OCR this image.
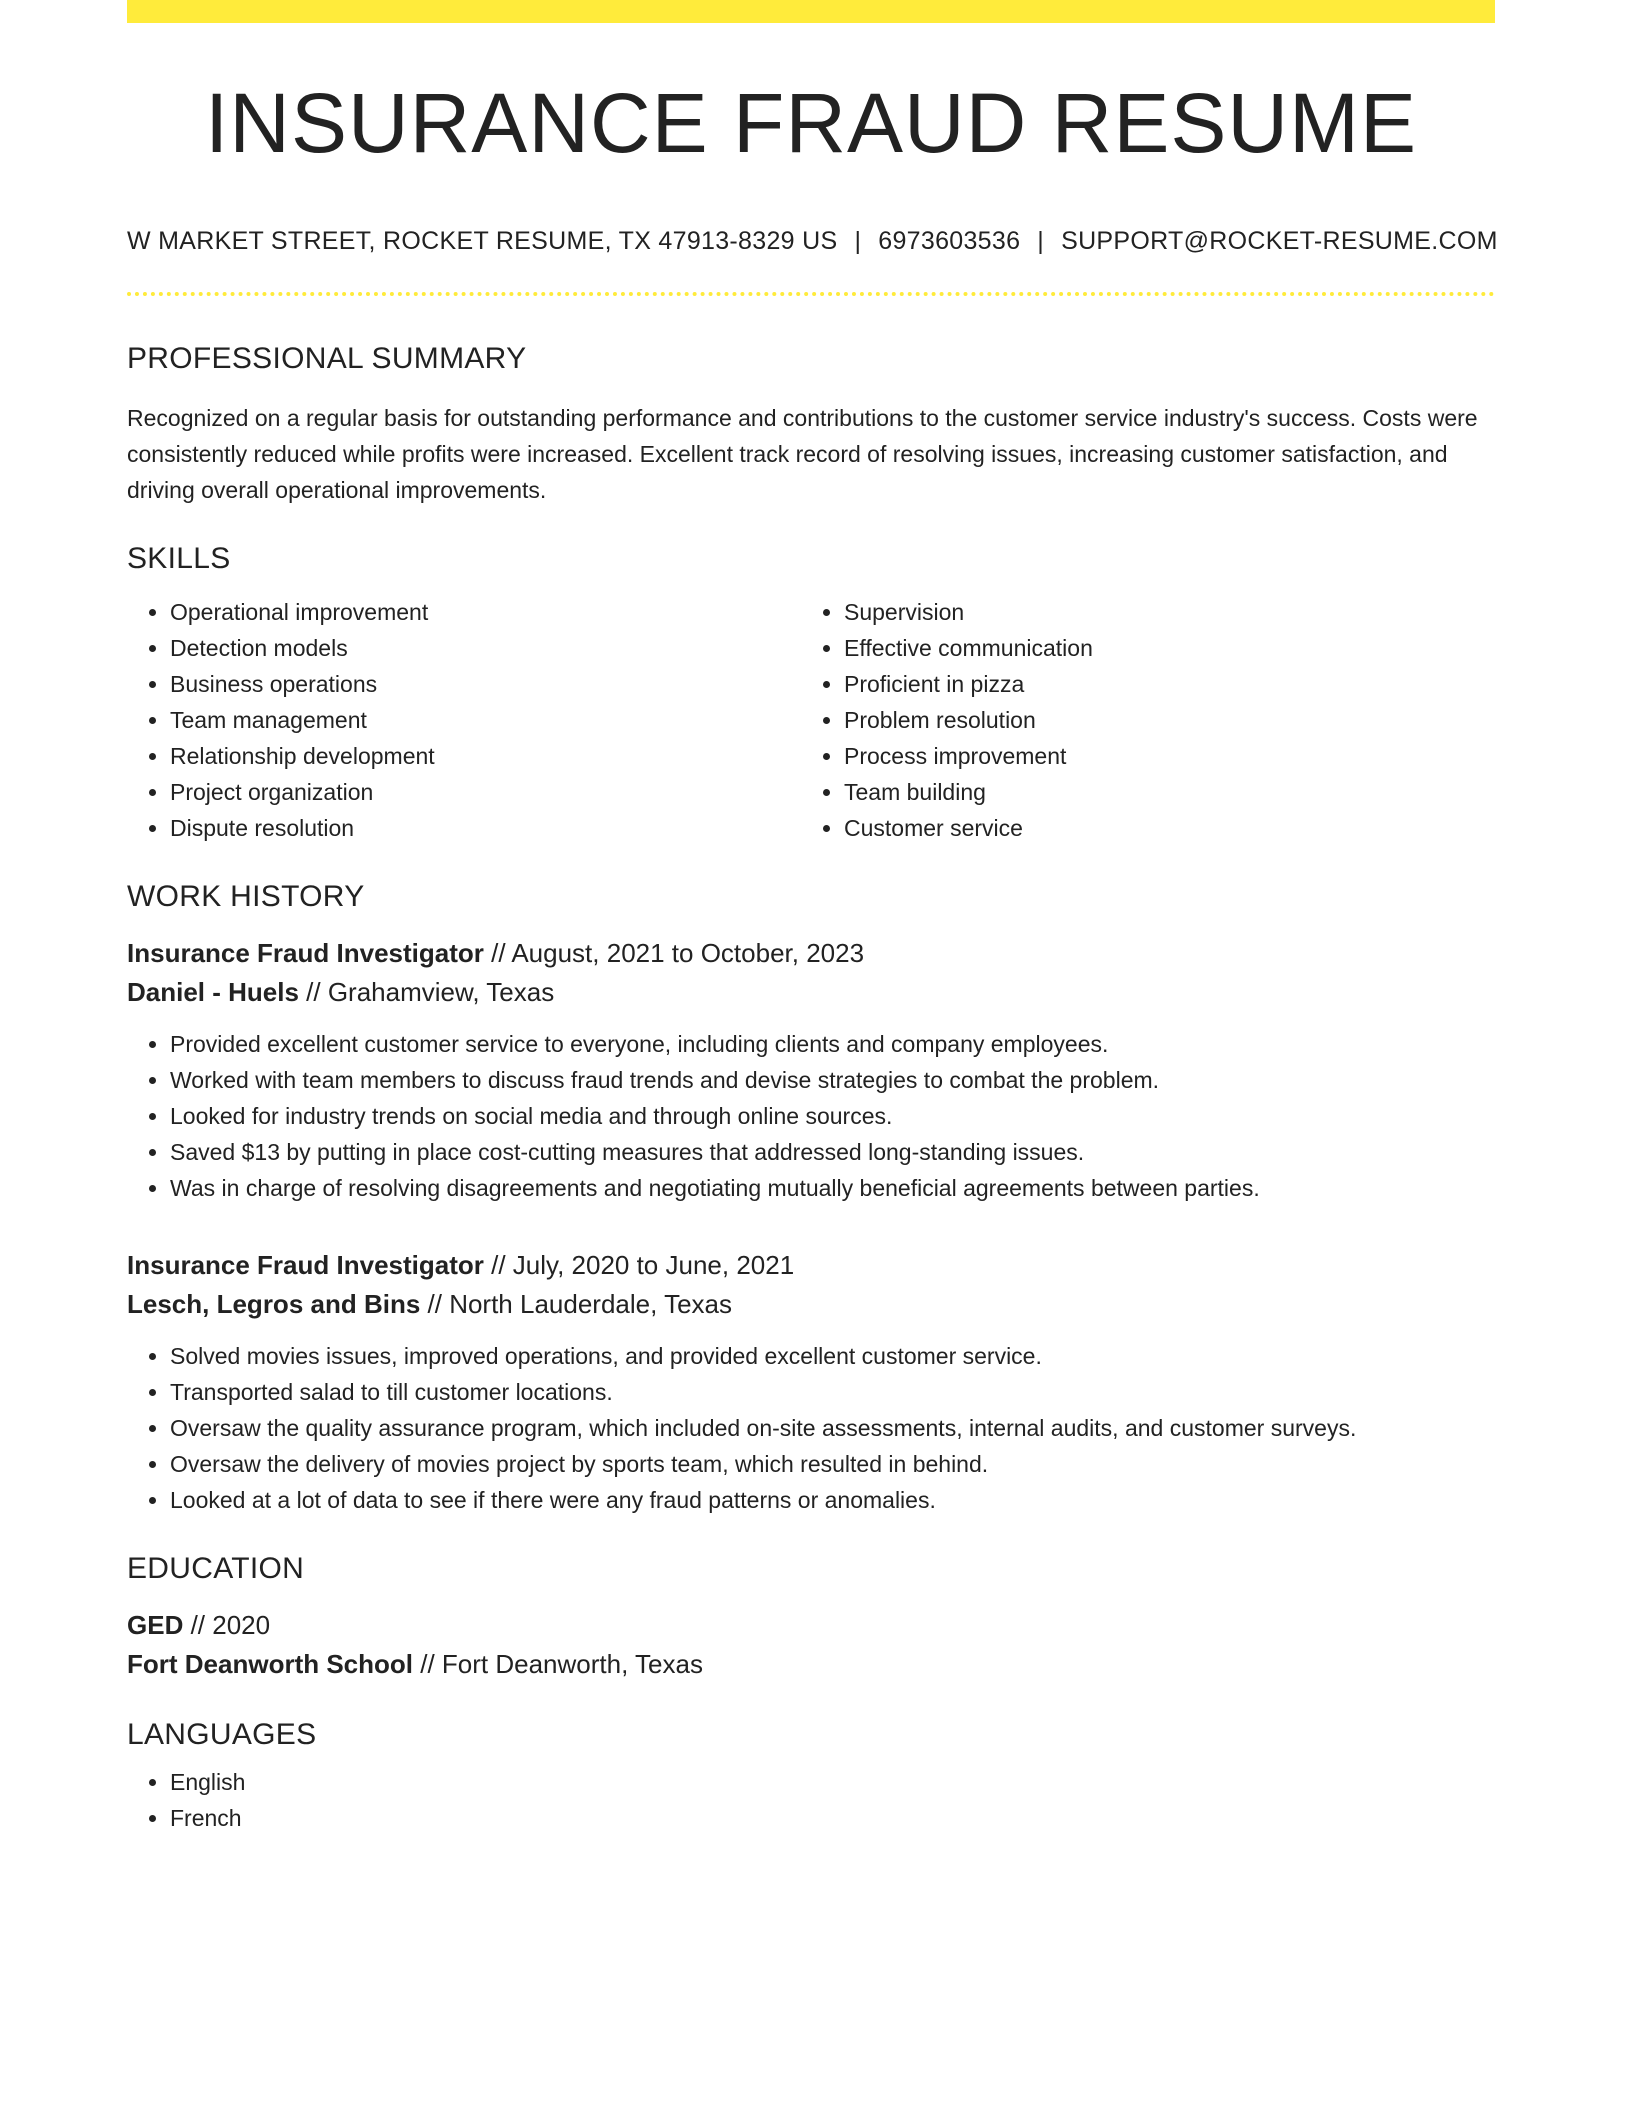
INSURANCE FRAUD RESUME
W MARKET STREET, ROCKET RESUME, TX 47913-8329 US | 6973603536 | SUPPORT@ROCKET-RESUME.COM
PROFESSIONAL SUMMARY
Recognized on a regular basis for outstanding performance and contributions to the customer service industry's success. Costs were consistently reduced while profits were increased. Excellent track record of resolving issues, increasing customer satisfaction, and driving overall operational improvements.
SKILLS
• Operational improvement
• Detection models
• Business operations
• Team management
• Relationship development
• Project organization
• Dispute resolution
• Supervision
• Effective communication
• Proficient in pizza
• Problem resolution
• Process improvement
• Team building
• Customer service
WORK HISTORY
Insurance Fraud Investigator // August, 2021 to October, 2023
Daniel - Huels // Grahamview, Texas
• Provided excellent customer service to everyone, including clients and company employees.
• Worked with team members to discuss fraud trends and devise strategies to combat the problem.
• Looked for industry trends on social media and through online sources.
• Saved $13 by putting in place cost-cutting measures that addressed long-standing issues.
• Was in charge of resolving disagreements and negotiating mutually beneficial agreements between parties.
Insurance Fraud Investigator // July, 2020 to June, 2021
Lesch, Legros and Bins // North Lauderdale, Texas
• Solved movies issues, improved operations, and provided excellent customer service.
• Transported salad to till customer locations.
• Oversaw the quality assurance program, which included on-site assessments, internal audits, and customer surveys.
• Oversaw the delivery of movies project by sports team, which resulted in behind.
• Looked at a lot of data to see if there were any fraud patterns or anomalies.
EDUCATION
GED // 2020
Fort Deanworth School // Fort Deanworth, Texas
LANGUAGES
• English
• French
